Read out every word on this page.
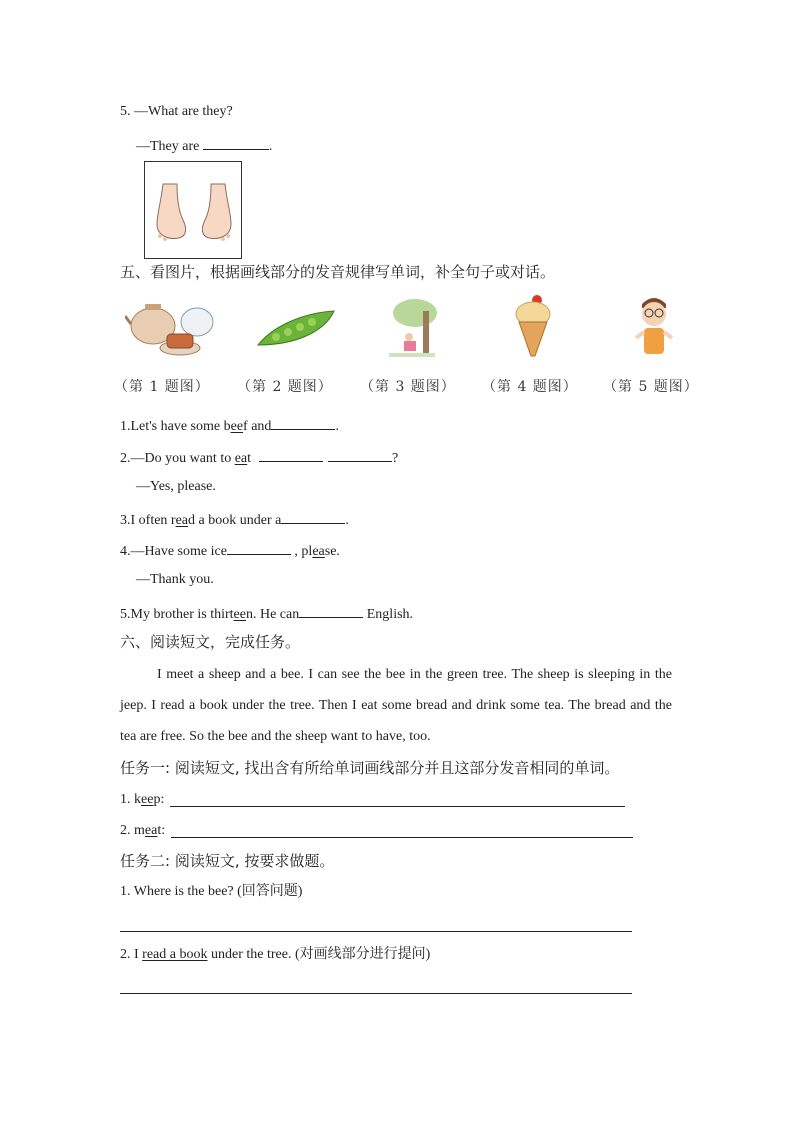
5. —What are they?
—They are	.
五、看图片，根据画线部分的发音规律写单词，补全句子或对话。
（第 1 题图） （第 2 题图） （第 3 题图） （第 4 题图） （第 5 题图）
1.Let's have some beef and	.
2.—Do you want to eat	?
—Yes, please.
3.I often read a book under a	.
4.—Have some ice	, please.
—Thank you.
5.My brother is thirteen. He can	English.
六、阅读短文，完成任务。
I meet a sheep and a bee. I can see the bee in the green tree. The sheep is sleeping in the jeep. I read a book under the tree. Then I eat some bread and drink some tea. The bread and the tea are free. So the bee and the sheep want to have, too.
任务一: 阅读短文, 找出含有所给单词画线部分并且这部分发音相同的单词。
1. keep:
2. meat:
任务二: 阅读短文, 按要求做题。
1. Where is the bee? (回答问题)
2. I read a book under the tree. (对画线部分进行提问)
